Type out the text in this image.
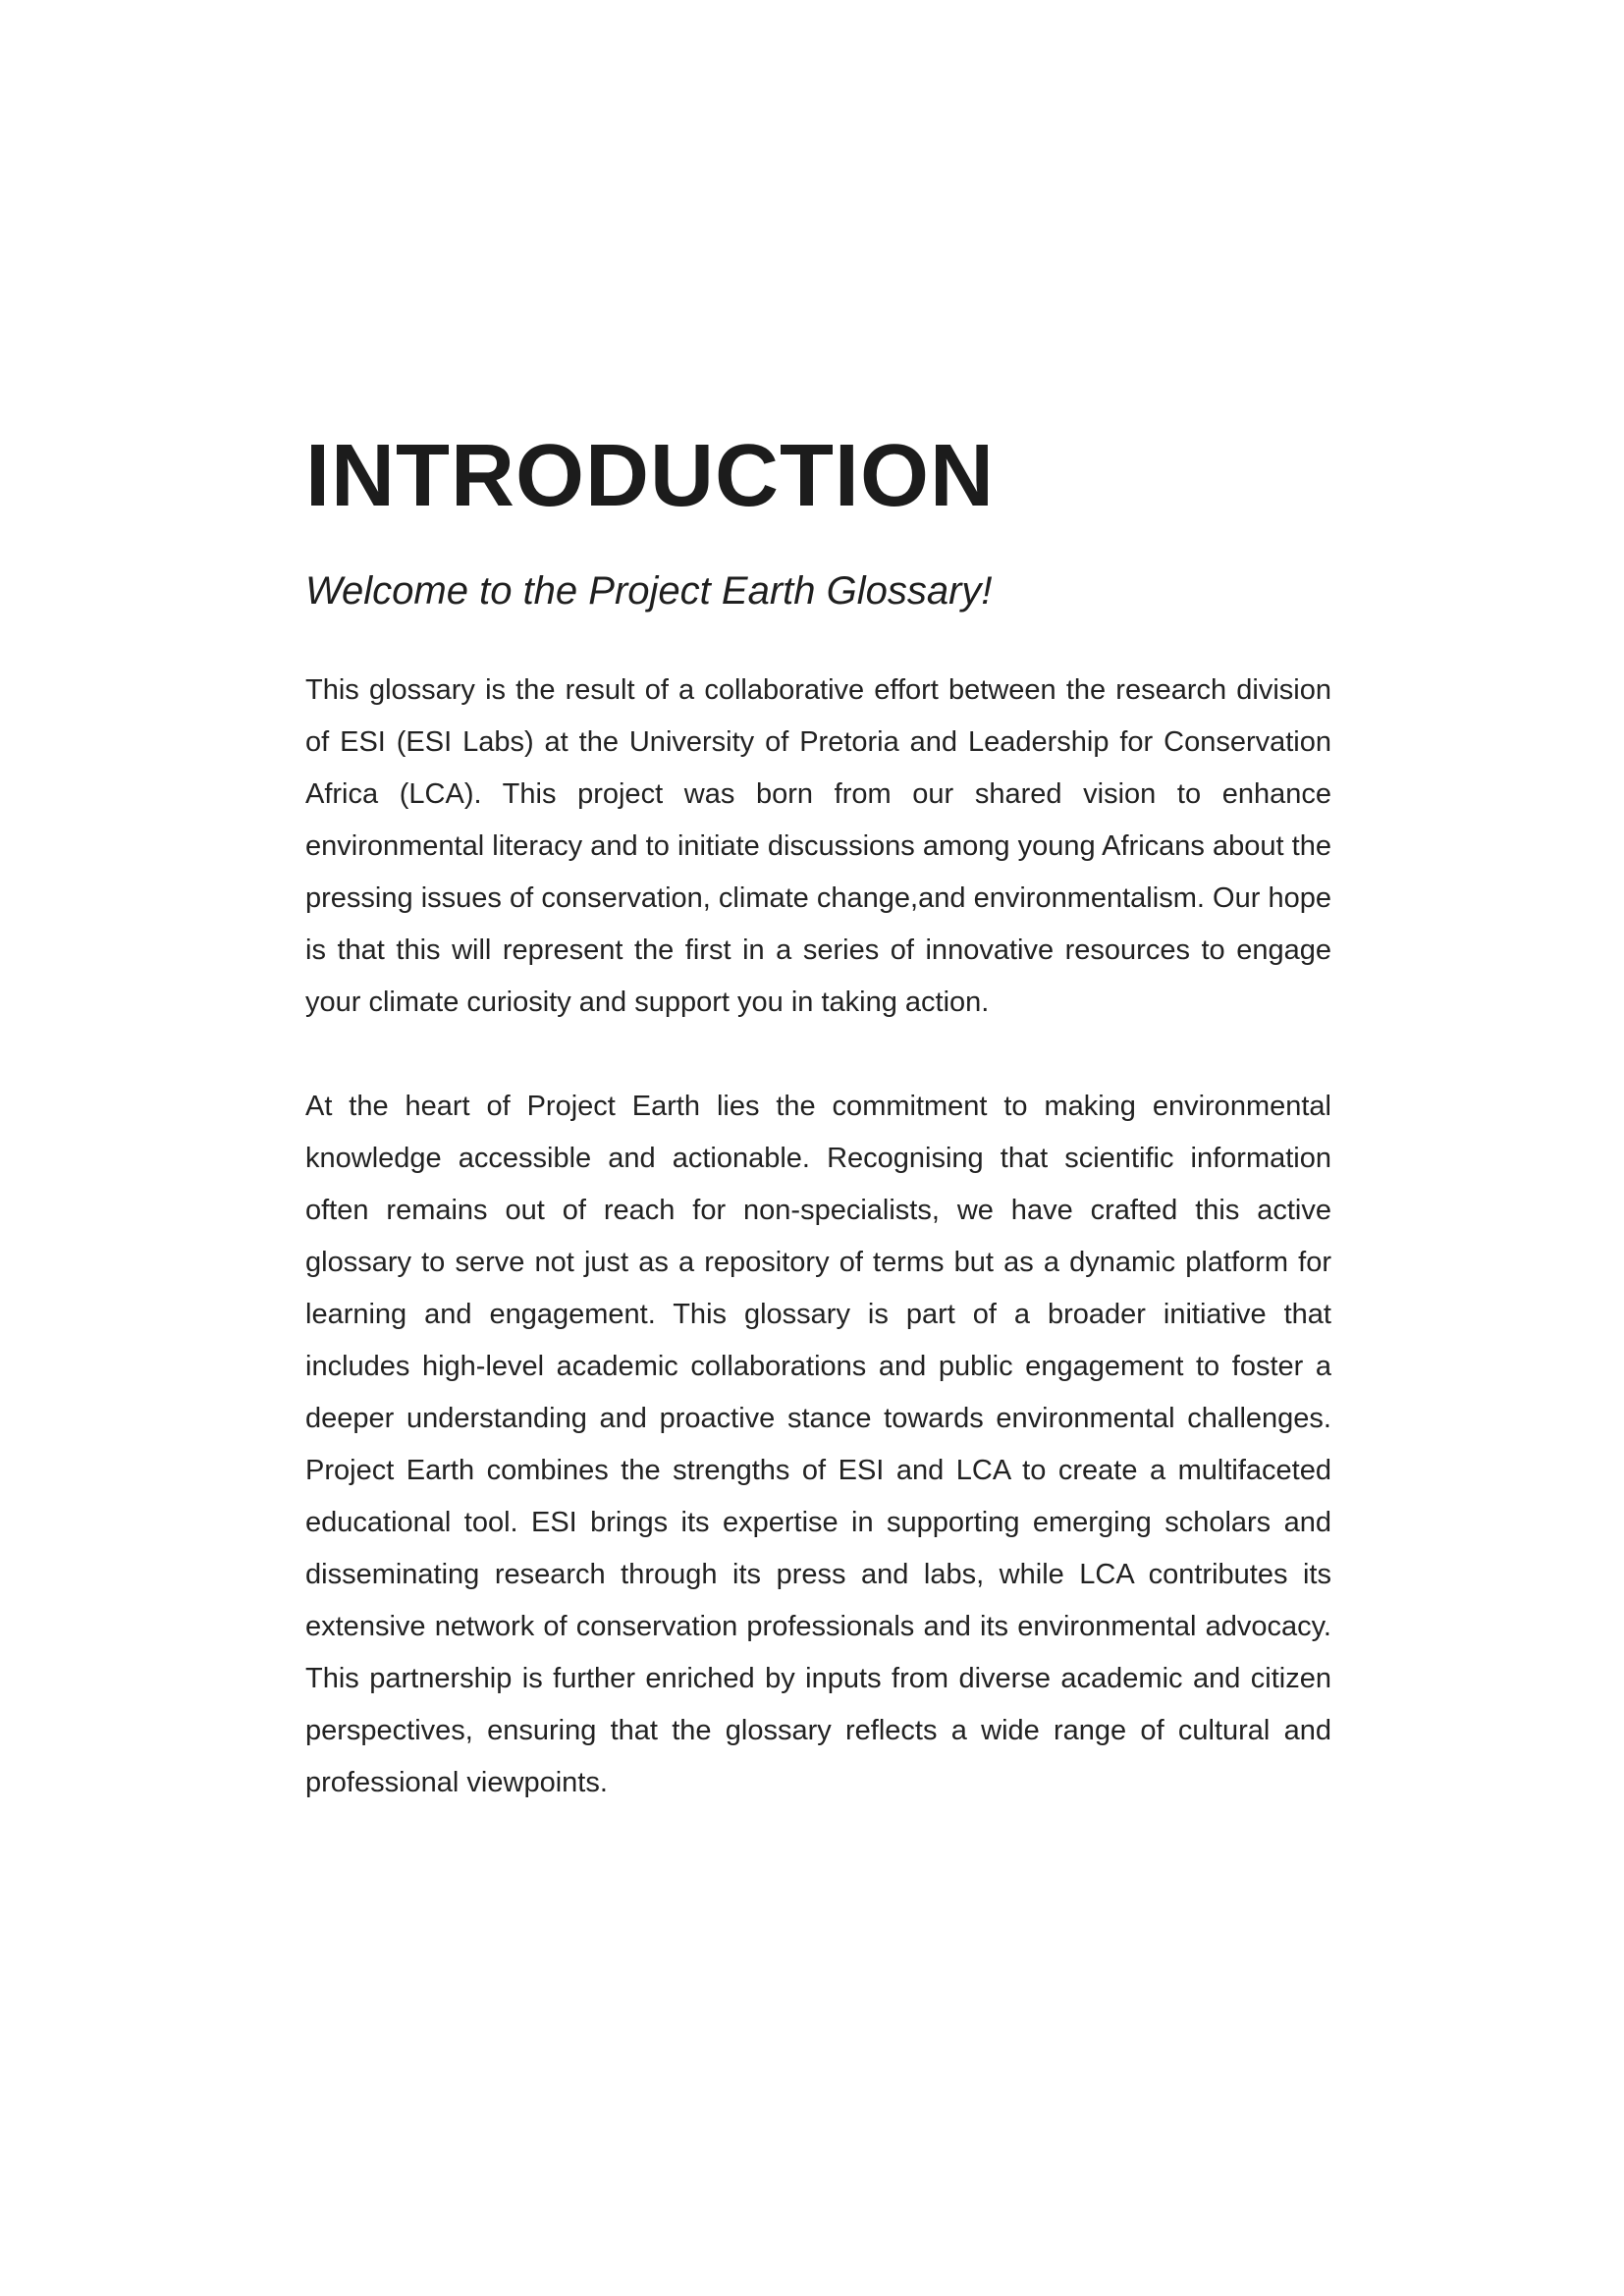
INTRODUCTION
Welcome to the Project Earth Glossary!

This glossary is the result of a collaborative effort between the research division of ESI (ESI Labs) at the University of Pretoria and Leadership for Conservation Africa (LCA). This project was born from our shared vision to enhance environmental literacy and to initiate discussions among young Africans about the pressing issues of conservation, climate change,and environmentalism. Our hope is that this will represent the first in a series of innovative resources to engage your climate curiosity and support you in taking action.

At the heart of Project Earth lies the commitment to making environmental knowledge accessible and actionable. Recognising that scientific information often remains out of reach for non-specialists, we have crafted this active glossary to serve not just as a repository of terms but as a dynamic platform for learning and engagement. This glossary is part of a broader initiative that includes high-level academic collaborations and public engagement to foster a deeper understanding and proactive stance towards environmental challenges. Project Earth combines the strengths of ESI and LCA to create a multifaceted educational tool. ESI brings its expertise in supporting emerging scholars and disseminating research through its press and labs, while LCA contributes its extensive network of conservation professionals and its environmental advocacy. This partnership is further enriched by inputs from diverse academic and citizen perspectives, ensuring that the glossary reflects a wide range of cultural and professional viewpoints.
